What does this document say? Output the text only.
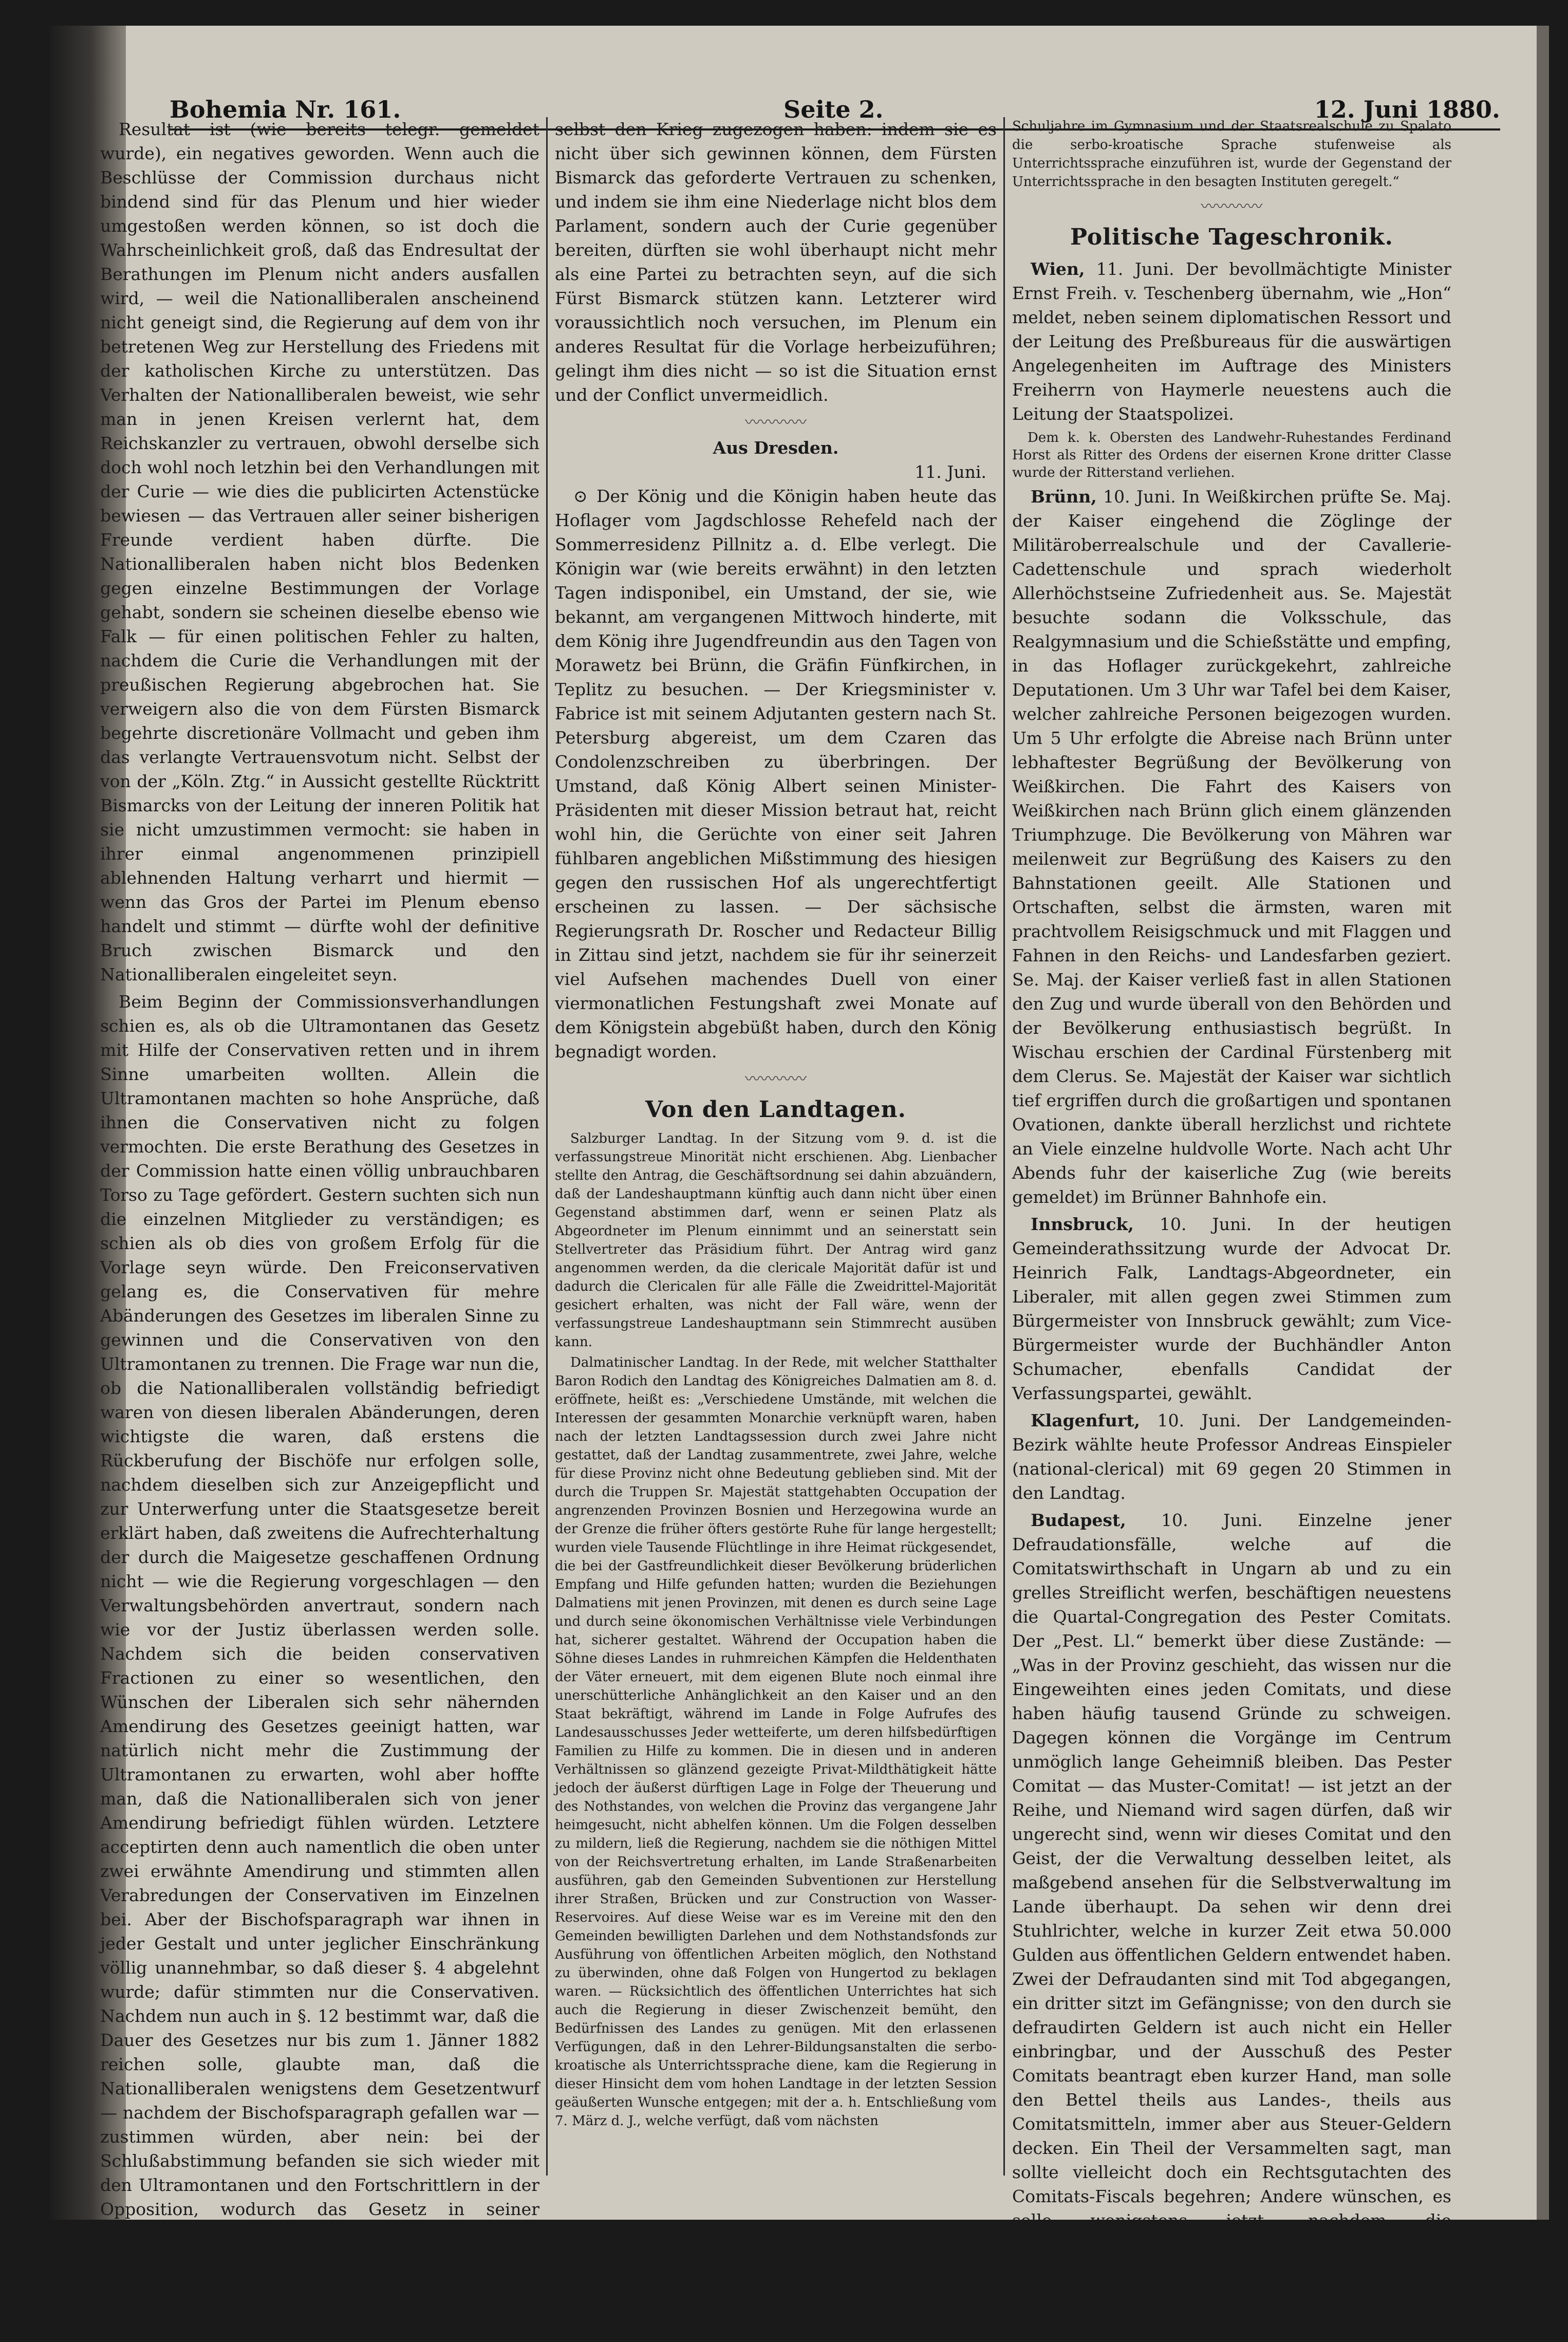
Bohemia Nr. 161.	Seite 2.	12. Juni 1880.

Resultat ist (wie bereits telegr. gemeldet wurde), ein negatives geworden. Wenn auch die Beschlüsse der Commission durchaus nicht bindend sind für das Plenum und hier wieder umgestoßen werden können, so ist doch die Wahrscheinlichkeit groß, daß das Endresultat der Berathungen im Plenum nicht anders ausfallen wird, — weil die Nationalliberalen anscheinend nicht geneigt sind, die Regierung auf dem von ihr betretenen Weg zur Herstellung des Friedens mit der katholischen Kirche zu unterstützen. Das Verhalten der Nationalliberalen beweist, wie sehr man in jenen Kreisen verlernt hat, dem Reichskanzler zu vertrauen, obwohl derselbe sich doch wohl noch letzhin bei den Verhandlungen mit der Curie — wie dies die publicirten Actenstücke bewiesen — das Vertrauen aller seiner bisherigen Freunde verdient haben dürfte. Die Nationalliberalen haben nicht blos Bedenken gegen einzelne Bestimmungen der Vorlage gehabt, sondern sie scheinen dieselbe ebenso wie Falk — für einen politischen Fehler zu halten, nachdem die Curie die Verhandlungen mit der preußischen Regierung abgebrochen hat. Sie verweigern also die von dem Fürsten Bismarck begehrte discretionäre Vollmacht und geben ihm das verlangte Vertrauensvotum nicht. Selbst der von der „Köln. Ztg.“ in Aussicht gestellte Rücktritt Bismarcks von der Leitung der inneren Politik hat sie nicht umzustimmen vermocht: sie haben in ihrer einmal angenommenen prinzipiell ablehnenden Haltung verharrt und hiermit — wenn das Gros der Partei im Plenum ebenso handelt und stimmt — dürfte wohl der definitive Bruch zwischen Bismarck und den Nationalliberalen eingeleitet seyn.

Beim Beginn der Commissionsverhandlungen schien es, als ob die Ultramontanen das Gesetz mit Hilfe der Conservativen retten und in ihrem Sinne umarbeiten wollten. Allein die Ultramontanen machten so hohe Ansprüche, daß ihnen die Conservativen nicht zu folgen vermochten. Die erste Berathung des Gesetzes in der Commission hatte einen völlig unbrauchbaren Torso zu Tage gefördert. Gestern suchten sich nun die einzelnen Mitglieder zu verständigen; es schien als ob dies von großem Erfolg für die Vorlage seyn würde. Den Freiconservativen gelang es, die Conservativen für mehre Abänderungen des Gesetzes im liberalen Sinne zu gewinnen und die Conservativen von den Ultramontanen zu trennen. Die Frage war nun die, ob die Nationalliberalen vollständig befriedigt waren von diesen liberalen Abänderungen, deren wichtigste die waren, daß erstens die Rückberufung der Bischöfe nur erfolgen solle, nachdem dieselben sich zur Anzeigepflicht und zur Unterwerfung unter die Staatsgesetze bereit erklärt haben, daß zweitens die Aufrechterhaltung der durch die Maigesetze geschaffenen Ordnung nicht — wie die Regierung vorgeschlagen — den Verwaltungsbehörden anvertraut, sondern nach wie vor der Justiz überlassen werden solle. Nachdem sich die beiden conservativen Fractionen zu einer so wesentlichen, den Wünschen der Liberalen sich sehr nähernden Amendirung des Gesetzes geeinigt hatten, war natürlich nicht mehr die Zustimmung der Ultramontanen zu erwarten, wohl aber hoffte man, daß die Nationalliberalen sich von jener Amendirung befriedigt fühlen würden. Letztere acceptirten denn auch namentlich die oben unter zwei erwähnte Amendirung und stimmten allen Verabredungen der Conservativen im Einzelnen bei. Aber der Bischofsparagraph war ihnen in jeder Gestalt und unter jeglicher Einschränkung völlig unannehmbar, so daß dieser §. 4 abgelehnt wurde; dafür stimmten nur die Conservativen. Nachdem nun auch in §. 12 bestimmt war, daß die Dauer des Gesetzes nur bis zum 1. Jänner 1882 reichen solle, glaubte man, daß die Nationalliberalen wenigstens dem Gesetzentwurf — nachdem der Bischofsparagraph gefallen war — zustimmen würden, aber nein: bei der Schlußabstimmung befanden sie sich wieder mit den Ultramontanen und den Fortschrittlern in der Opposition, wodurch das Gesetz in seiner Gesammtheit abgelehnt wurde. Die Nationalliberalen wollen eben nicht nur die Rückberufung der Bischöfe nicht, sondern sie wollen überhaupt kein Friedensgesetz. Hierdurch aber dürften sie sich wohl

selbst den Krieg zugezogen haben: indem sie es nicht über sich gewinnen können, dem Fürsten Bismarck das geforderte Vertrauen zu schenken, und indem sie ihm eine Niederlage nicht blos dem Parlament, sondern auch der Curie gegenüber bereiten, dürften sie wohl überhaupt nicht mehr als eine Partei zu betrachten seyn, auf die sich Fürst Bismarck stützen kann. Letzterer wird voraussichtlich noch versuchen, im Plenum ein anderes Resultat für die Vorlage herbeizuführen; gelingt ihm dies nicht — so ist die Situation ernst und der Conflict unvermeidlich.

〰〰〰〰
Aus Dresden.
11. Juni.

⊙ Der König und die Königin haben heute das Hoflager vom Jagdschlosse Rehefeld nach der Sommerresidenz Pillnitz a. d. Elbe verlegt. Die Königin war (wie bereits erwähnt) in den letzten Tagen indisponibel, ein Umstand, der sie, wie bekannt, am vergangenen Mittwoch hinderte, mit dem König ihre Jugendfreundin aus den Tagen von Morawetz bei Brünn, die Gräfin Fünfkirchen, in Teplitz zu besuchen. — Der Kriegsminister v. Fabrice ist mit seinem Adjutanten gestern nach St. Petersburg abgereist, um dem Czaren das Condolenzschreiben zu überbringen. Der Umstand, daß König Albert seinen Minister-Präsidenten mit dieser Mission betraut hat, reicht wohl hin, die Gerüchte von einer seit Jahren fühlbaren angeblichen Mißstimmung des hiesigen gegen den russischen Hof als ungerechtfertigt erscheinen zu lassen. — Der sächsische Regierungsrath Dr. Roscher und Redacteur Billig in Zittau sind jetzt, nachdem sie für ihr seinerzeit viel Aufsehen machendes Duell von einer viermonatlichen Festungshaft zwei Monate auf dem Königstein abgebüßt haben, durch den König begnadigt worden.

〰〰〰〰
Von den Landtagen.

Salzburger Landtag. In der Sitzung vom 9. d. ist die verfassungstreue Minorität nicht erschienen. Abg. Lienbacher stellte den Antrag, die Geschäftsordnung sei dahin abzuändern, daß der Landeshauptmann künftig auch dann nicht über einen Gegenstand abstimmen darf, wenn er seinen Platz als Abgeordneter im Plenum einnimmt und an seinerstatt sein Stellvertreter das Präsidium führt. Der Antrag wird ganz angenommen werden, da die clericale Majorität dafür ist und dadurch die Clericalen für alle Fälle die Zweidrittel-Majorität gesichert erhalten, was nicht der Fall wäre, wenn der verfassungstreue Landeshauptmann sein Stimmrecht ausüben kann.

Dalmatinischer Landtag. In der Rede, mit welcher Statthalter Baron Rodich den Landtag des Königreiches Dalmatien am 8. d. eröffnete, heißt es: „Verschiedene Umstände, mit welchen die Interessen der gesammten Monarchie verknüpft waren, haben nach der letzten Landtagssession durch zwei Jahre nicht gestattet, daß der Landtag zusammentrete, zwei Jahre, welche für diese Provinz nicht ohne Bedeutung geblieben sind. Mit der durch die Truppen Sr. Majestät stattgehabten Occupation der angrenzenden Provinzen Bosnien und Herzegowina wurde an der Grenze die früher öfters gestörte Ruhe für lange hergestellt; wurden viele Tausende Flüchtlinge in ihre Heimat rückgesendet, die bei der Gastfreundlichkeit dieser Bevölkerung brüderlichen Empfang und Hilfe gefunden hatten; wurden die Beziehungen Dalmatiens mit jenen Provinzen, mit denen es durch seine Lage und durch seine ökonomischen Verhältnisse viele Verbindungen hat, sicherer gestaltet. Während der Occupation haben die Söhne dieses Landes in ruhmreichen Kämpfen die Heldenthaten der Väter erneuert, mit dem eigenen Blute noch einmal ihre unerschütterliche Anhänglichkeit an den Kaiser und an den Staat bekräftigt, während im Lande in Folge Aufrufes des Landesausschusses Jeder wetteiferte, um deren hilfsbedürftigen Familien zu Hilfe zu kommen. Die in diesen und in anderen Verhältnissen so glänzend gezeigte Privat-Mildthätigkeit hätte jedoch der äußerst dürftigen Lage in Folge der Theuerung und des Nothstandes, von welchen die Provinz das vergangene Jahr heimgesucht, nicht abhelfen können. Um die Folgen desselben zu mildern, ließ die Regierung, nachdem sie die nöthigen Mittel von der Reichsvertretung erhalten, im Lande Straßenarbeiten ausführen, gab den Gemeinden Subventionen zur Herstellung ihrer Straßen, Brücken und zur Construction von Wasser-Reservoires. Auf diese Weise war es im Vereine mit den den Gemeinden bewilligten Darlehen und dem Nothstandsfonds zur Ausführung von öffentlichen Arbeiten möglich, den Nothstand zu überwinden, ohne daß Folgen von Hungertod zu beklagen waren. — Rücksichtlich des öffentlichen Unterrichtes hat sich auch die Regierung in dieser Zwischenzeit bemüht, den Bedürfnissen des Landes zu genügen. Mit den erlassenen Verfügungen, daß in den Lehrer-Bildungsanstalten die serbo-kroatische als Unterrichtssprache diene, kam die Regierung in dieser Hinsicht dem vom hohen Landtage in der letzten Session geäußerten Wunsche entgegen; mit der a. h. Entschließung vom 7. März d. J., welche verfügt, daß vom nächsten

Schuljahre im Gymnasium und der Staatsrealschule zu Spalato die serbo-kroatische Sprache stufenweise als Unterrichtssprache einzuführen ist, wurde der Gegenstand der Unterrichtssprache in den besagten Instituten geregelt.“

〰〰〰〰
Politische Tageschronik.

Wien, 11. Juni. Der bevollmächtigte Minister Ernst Freih. v. Teschenberg übernahm, wie „Hon“ meldet, neben seinem diplomatischen Ressort und der Leitung des Preßbureaus für die auswärtigen Angelegenheiten im Auftrage des Ministers Freiherrn von Haymerle neuestens auch die Leitung der Staatspolizei.

Dem k. k. Obersten des Landwehr-Ruhestandes Ferdinand Horst als Ritter des Ordens der eisernen Krone dritter Classe wurde der Ritterstand verliehen.

Brünn, 10. Juni. In Weißkirchen prüfte Se. Maj. der Kaiser eingehend die Zöglinge der Militäroberrealschule und der Cavallerie-Cadettenschule und sprach wiederholt Allerhöchstseine Zufriedenheit aus. Se. Majestät besuchte sodann die Volksschule, das Realgymnasium und die Schießstätte und empfing, in das Hoflager zurückgekehrt, zahlreiche Deputationen. Um 3 Uhr war Tafel bei dem Kaiser, welcher zahlreiche Personen beigezogen wurden. Um 5 Uhr erfolgte die Abreise nach Brünn unter lebhaftester Begrüßung der Bevölkerung von Weißkirchen. Die Fahrt des Kaisers von Weißkirchen nach Brünn glich einem glänzenden Triumphzuge. Die Bevölkerung von Mähren war meilenweit zur Begrüßung des Kaisers zu den Bahnstationen geeilt. Alle Stationen und Ortschaften, selbst die ärmsten, waren mit prachtvollem Reisigschmuck und mit Flaggen und Fahnen in den Reichs- und Landesfarben geziert. Se. Maj. der Kaiser verließ fast in allen Stationen den Zug und wurde überall von den Behörden und der Bevölkerung enthusiastisch begrüßt. In Wischau erschien der Cardinal Fürstenberg mit dem Clerus. Se. Majestät der Kaiser war sichtlich tief ergriffen durch die großartigen und spontanen Ovationen, dankte überall herzlichst und richtete an Viele einzelne huldvolle Worte. Nach acht Uhr Abends fuhr der kaiserliche Zug (wie bereits gemeldet) im Brünner Bahnhofe ein.

Innsbruck, 10. Juni. In der heutigen Gemeinderathssitzung wurde der Advocat Dr. Heinrich Falk, Landtags-Abgeordneter, ein Liberaler, mit allen gegen zwei Stimmen zum Bürgermeister von Innsbruck gewählt; zum Vice-Bürgermeister wurde der Buchhändler Anton Schumacher, ebenfalls Candidat der Verfassungspartei, gewählt.

Klagenfurt, 10. Juni. Der Landgemeinden-Bezirk wählte heute Professor Andreas Einspieler (national-clerical) mit 69 gegen 20 Stimmen in den Landtag.

Budapest, 10. Juni. Einzelne jener Defraudationsfälle, welche auf die Comitatswirthschaft in Ungarn ab und zu ein grelles Streiflicht werfen, beschäftigen neuestens die Quartal-Congregation des Pester Comitats. Der „Pest. Ll.“ bemerkt über diese Zustände: — „Was in der Provinz geschieht, das wissen nur die Eingeweihten eines jeden Comitats, und diese haben häufig tausend Gründe zu schweigen. Dagegen können die Vorgänge im Centrum unmöglich lange Geheimniß bleiben. Das Pester Comitat — das Muster-Comitat! — ist jetzt an der Reihe, und Niemand wird sagen dürfen, daß wir ungerecht sind, wenn wir dieses Comitat und den Geist, der die Verwaltung desselben leitet, als maßgebend ansehen für die Selbstverwaltung im Lande überhaupt. Da sehen wir denn drei Stuhlrichter, welche in kurzer Zeit etwa 50.000 Gulden aus öffentlichen Geldern entwendet haben. Zwei der Defraudanten sind mit Tod abgegangen, ein dritter sitzt im Gefängnisse; von den durch sie defraudirten Geldern ist auch nicht ein Heller einbringbar, und der Ausschuß des Pester Comitats beantragt eben kurzer Hand, man solle den Bettel theils aus Landes-, theils aus Comitatsmitteln, immer aber aus Steuer-Geldern decken. Ein Theil der Versammelten sagt, man sollte vielleicht doch ein Rechtsgutachten des Comitats-Fiscals begehren; Andere wünschen, es solle wenigstens jetzt, nachdem die Defraudationsfälle offenkundig geworden, eine Art Controle in der Geldgebahrung eingeführt werden; die Majorität aber und der Herr Comitats-Fiscal selbst
